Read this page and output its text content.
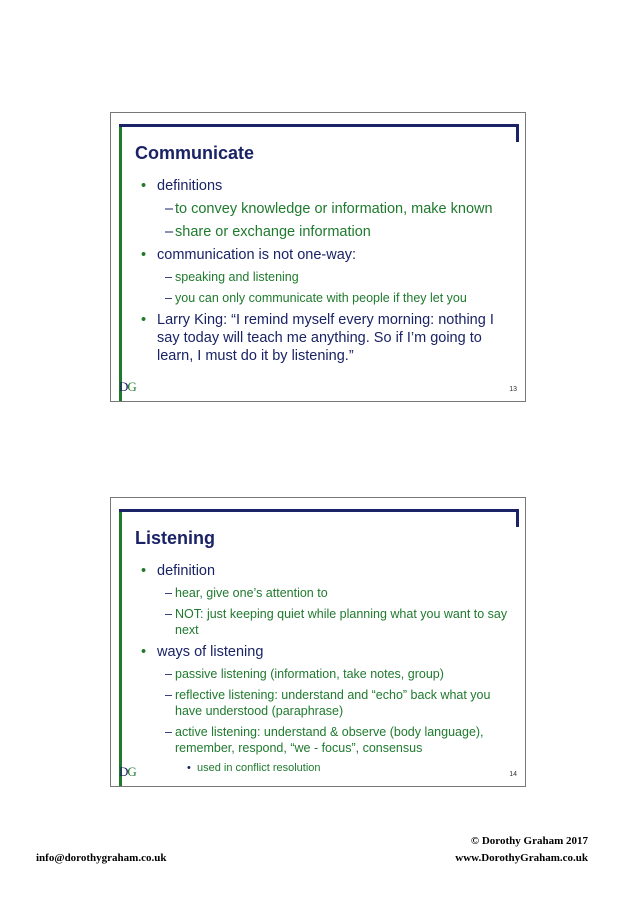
Communicate
• definitions
– to convey knowledge or information, make known
– share or exchange information
• communication is not one-way:
– speaking and listening
– you can only communicate with people if they let you
• Larry King: “I remind myself every morning: nothing I say today will teach me anything. So if I’m going to learn, I must do it by listening.”
DG	13
Listening
• definition
– hear, give one’s attention to
– NOT: just keeping quiet while planning what you want to say next
• ways of listening
– passive listening (information, take notes, group)
– reflective listening: understand and “echo” back what you have understood (paraphrase)
– active listening: understand & observe (body language), remember, respond, “we - focus”, consensus
• used in conflict resolution
DG	14
info@dorothygraham.co.uk
© Dorothy Graham 2017
www.DorothyGraham.co.uk
